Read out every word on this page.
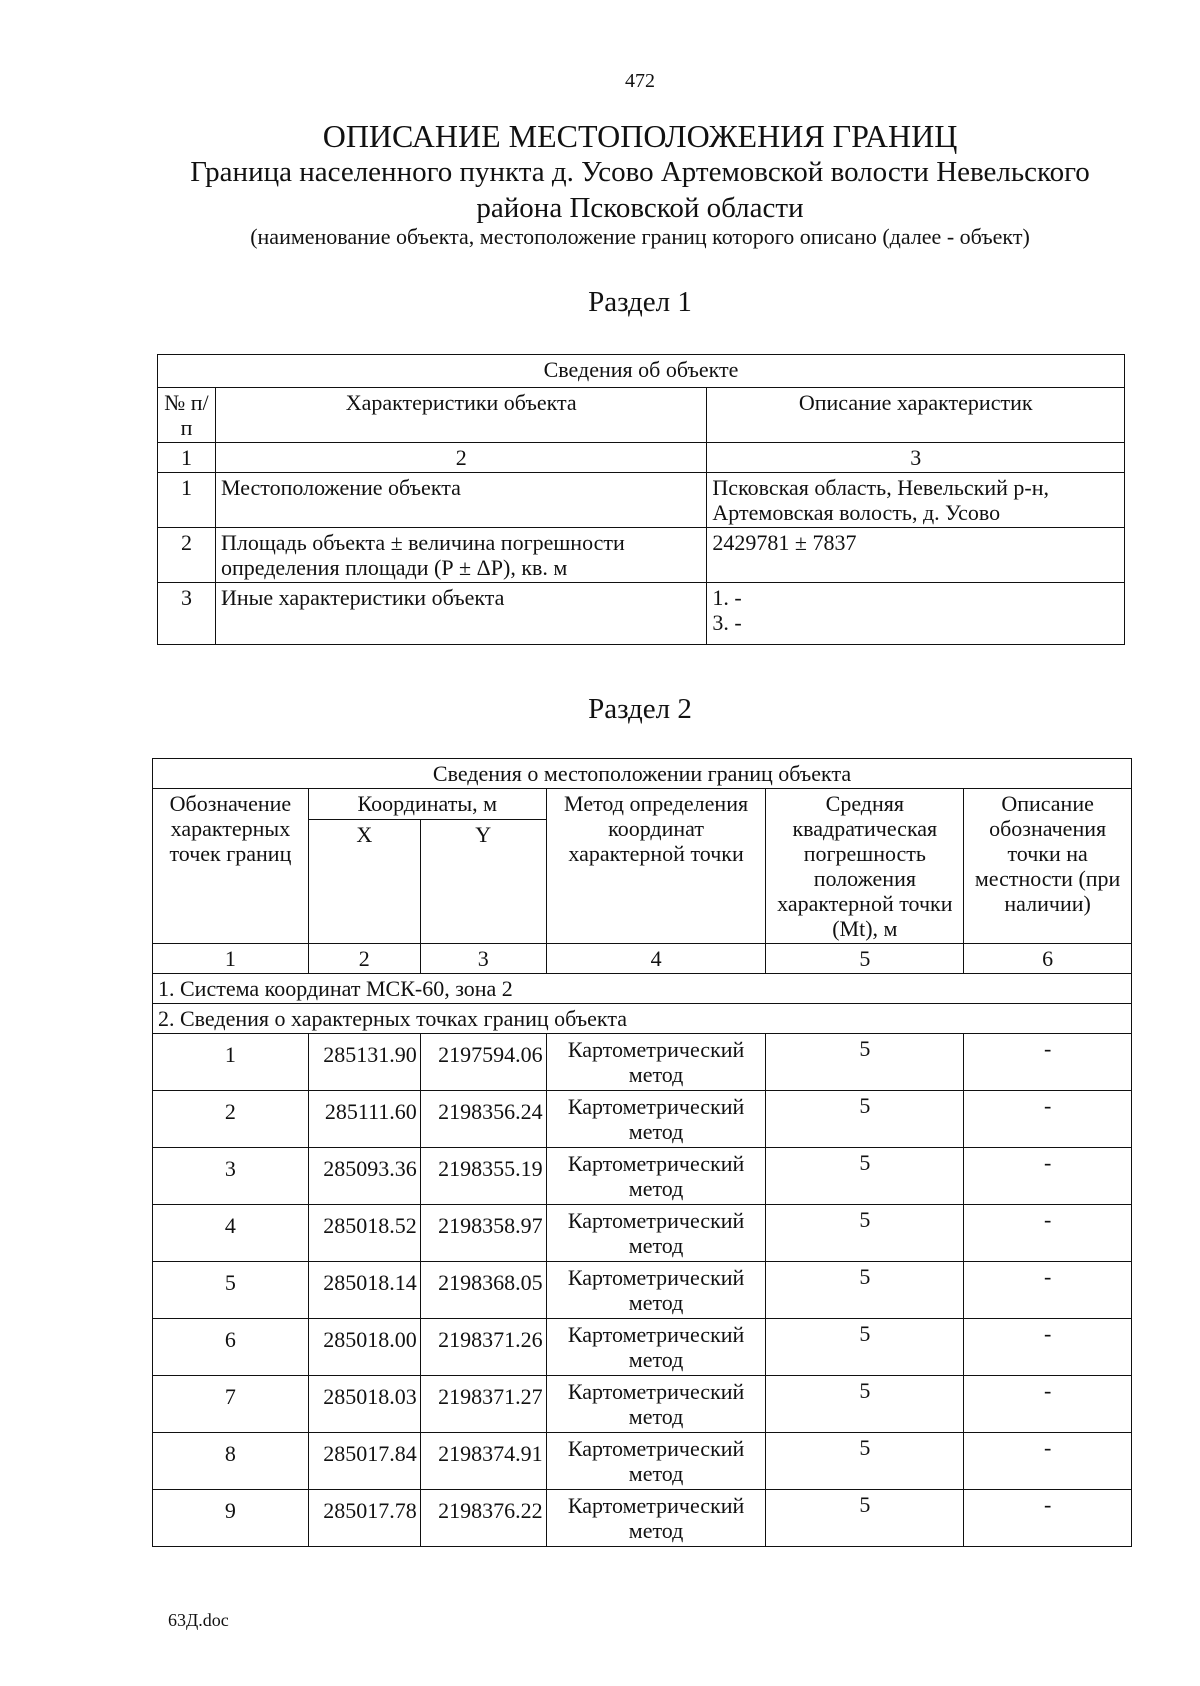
472
ОПИСАНИЕ МЕСТОПОЛОЖЕНИЯ ГРАНИЦ
Граница населенного пункта д. Усово Артемовской волости Невельского района Псковской области
(наименование объекта, местоположение границ которого описано (далее - объект)
Раздел 1
Сведения об объекте		
№ п/п	Характеристики объекта	Описание характеристик
1	2	3
1	Местоположение объекта	Псковская область, Невельский р-н, Артемовская волость, д. Усово
2	Площадь объекта ± величина погрешности определения площади (Р ± ΔР), кв. м	2429781 ± 7837
3	Иные характеристики объекта	1. -
3. -
Раздел 2
Сведения о местоположении границ объекта					
Обозначение характерных точек границ	Координаты, м		Метод определения координат характерной точки	Средняя квадратическая погрешность положения характерной точки (Mt), м	Описание обозначения точки на местности (при наличии)
	X	Y			
1	2	3	4	5	6
1. Система координат МСК-60, зона 2					
2. Сведения о характерных точках границ объекта					
1	285131.90	2197594.06	Картометрический метод	5	-
2	285111.60	2198356.24	Картометрический метод	5	-
3	285093.36	2198355.19	Картометрический метод	5	-
4	285018.52	2198358.97	Картометрический метод	5	-
5	285018.14	2198368.05	Картометрический метод	5	-
6	285018.00	2198371.26	Картометрический метод	5	-
7	285018.03	2198371.27	Картометрический метод	5	-
8	285017.84	2198374.91	Картометрический метод	5	-
9	285017.78	2198376.22	Картометрический метод	5	-
63Д.doc
